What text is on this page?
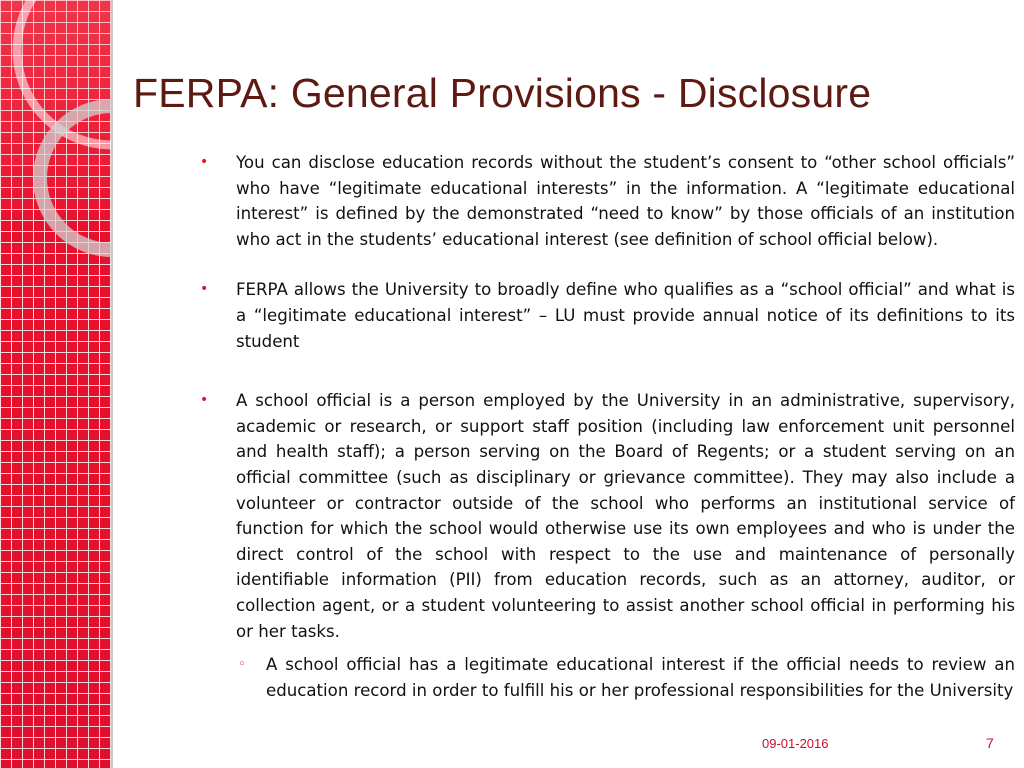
FERPA: General Provisions - Disclosure
• You can disclose education records without the student’s consent to “other school officials” who have “legitimate educational interests” in the information. A “legitimate educational interest” is defined by the demonstrated “need to know” by those officials of an institution who act in the students’ educational interest (see definition of school official below).
• FERPA allows the University to broadly define who qualifies as a “school official” and what is a “legitimate educational interest” – LU must provide annual notice of its definitions to its student
• A school official is a person employed by the University in an administrative, supervisory, academic or research, or support staff position (including law enforcement unit personnel and health staff); a person serving on the Board of Regents; or a student serving on an official committee (such as disciplinary or grievance committee). They may also include a volunteer or contractor outside of the school who performs an institutional service of function for which the school would otherwise use its own employees and who is under the direct control of the school with respect to the use and maintenance of personally identifiable information (PII) from education records, such as an attorney, auditor, or collection agent, or a student volunteering to assist another school official in performing his or her tasks.
◦ A school official has a legitimate educational interest if the official needs to review an education record in order to fulfill his or her professional responsibilities for the University
09-01-2016	7
